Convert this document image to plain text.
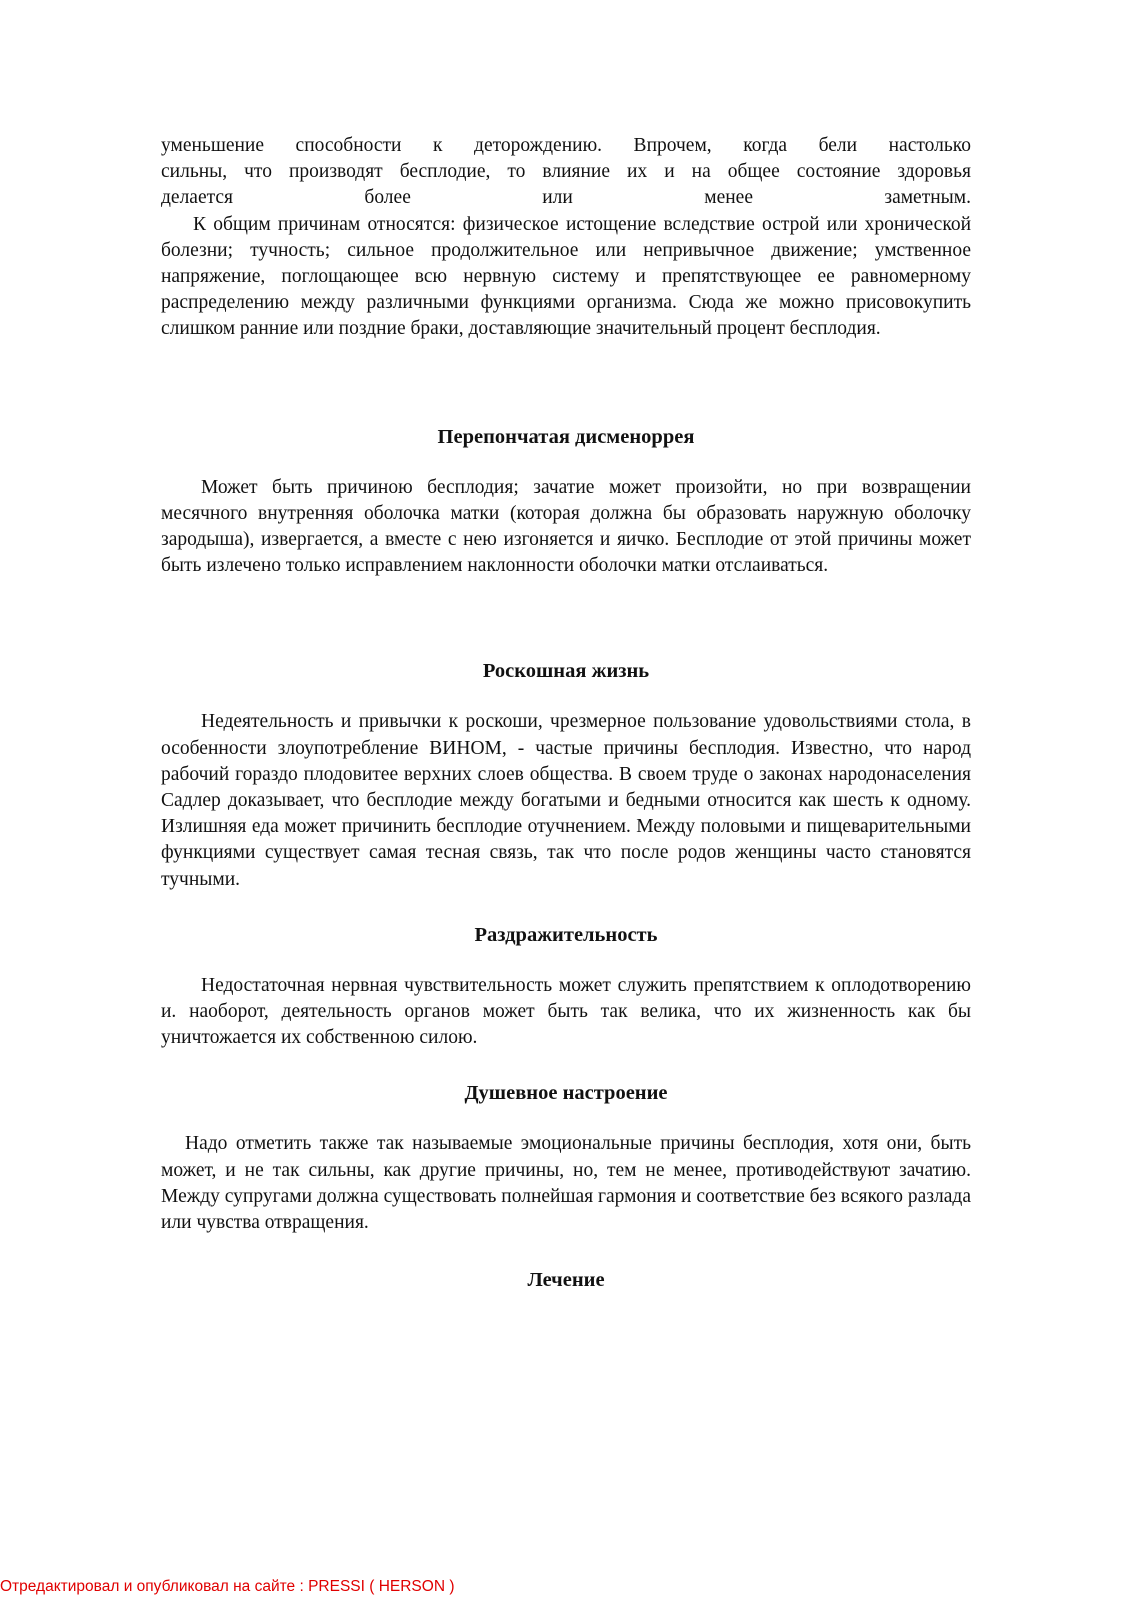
уменьшение способности к деторождению. Впрочем, когда бели настолько
сильны, что производят бесплодие, то влияние их и на общее состояние здоровья
делается более или менее заметным.

К общим причинам относятся: физическое истощение вследствие острой или хронической болезни; тучность; сильное продолжительное или непривычное движение; умственное напряжение, поглощающее всю нервную систему и препятствующее ее равномерному распределению между различными функциями организма. Сюда же можно присовокупить слишком ранние или поздние браки, доставляющие значительный процент бесплодия.

Перепончатая дисменоррея

Может быть причиною бесплодия; зачатие может произойти, но при возвращении месячного внутренняя оболочка матки (которая должна бы образовать наружную оболочку зародыша), извергается, а вместе с нею изгоняется и яичко. Бесплодие от этой причины может быть излечено только исправлением наклонности оболочки матки отслаиваться.

Роскошная жизнь

Недеятельность и привычки к роскоши, чрезмерное пользование удовольствиями стола, в особенности злоупотребление ВИНОМ, - частые причины бесплодия. Известно, что народ рабочий гораздо плодовитее верхних слоев общества. В своем труде о законах народонаселения Садлер доказывает, что бесплодие между богатыми и бедными относится как шесть к одному. Излишняя еда может причинить бесплодие отучнением. Между половыми и пищеварительными функциями существует самая тесная связь, так что после родов женщины часто становятся тучными.

Раздражительность

Недостаточная нервная чувствительность может служить препятствием к оплодотворению и. наоборот, деятельность органов может быть так велика, что их жизненность как бы уничтожается их собственною силою.

Душевное настроение

Надо отметить также так называемые эмоциональные причины бесплодия, хотя они, быть может, и не так сильны, как другие причины, но, тем не менее, противодействуют зачатию. Между супругами должна существовать полнейшая гармония и соответствие без всякого разлада или чувства отвращения.

Лечение
Отредактировал и опубликовал на сайте : PRESSI ( HERSON )
